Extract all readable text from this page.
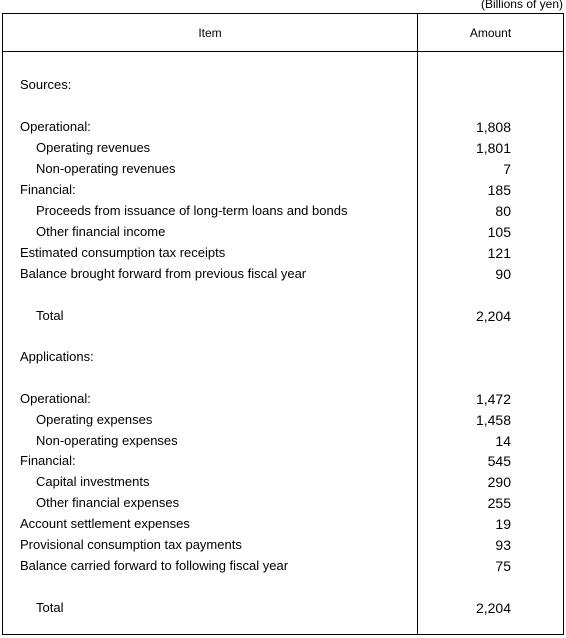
(Billions of yen)
Item	Amount
Sources:
Operational:	1,808
Operating revenues	1,801
Non-operating revenues	7
Financial:	185
Proceeds from issuance of long-term loans and bonds	80
Other financial income	105
Estimated consumption tax receipts	121
Balance brought forward from previous fiscal year	90
Total	2,204
Applications:
Operational:	1,472
Operating expenses	1,458
Non-operating expenses	14
Financial:	545
Capital investments	290
Other financial expenses	255
Account settlement expenses	19
Provisional consumption tax payments	93
Balance carried forward to following fiscal year	75
Total	2,204
